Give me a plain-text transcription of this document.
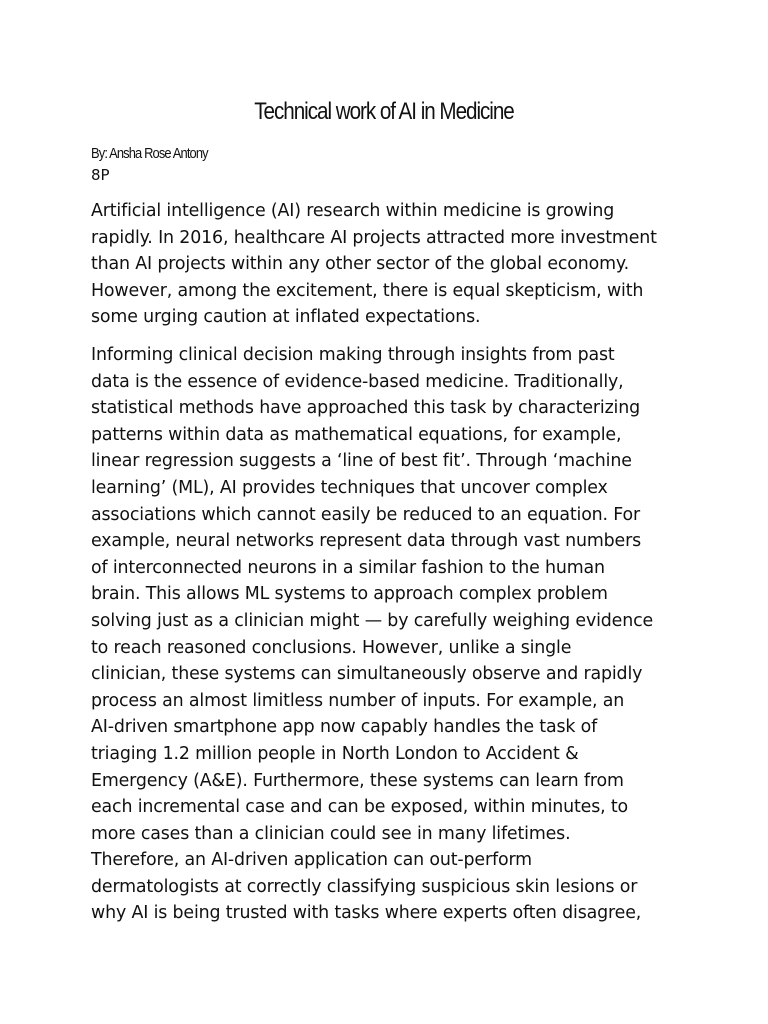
Technical work of AI in Medicine
By: Ansha Rose Antony
8P
Artificial intelligence (AI) research within medicine is growing
rapidly. In 2016, healthcare AI projects attracted more investment
than AI projects within any other sector of the global economy.
However, among the excitement, there is equal skepticism, with
some urging caution at inflated expectations.
Informing clinical decision making through insights from past
data is the essence of evidence-based medicine. Traditionally,
statistical methods have approached this task by characterizing
patterns within data as mathematical equations, for example,
linear regression suggests a ‘line of best fit’. Through ‘machine
learning’ (ML), AI provides techniques that uncover complex
associations which cannot easily be reduced to an equation. For
example, neural networks represent data through vast numbers
of interconnected neurons in a similar fashion to the human
brain. This allows ML systems to approach complex problem
solving just as a clinician might — by carefully weighing evidence
to reach reasoned conclusions. However, unlike a single
clinician, these systems can simultaneously observe and rapidly
process an almost limitless number of inputs. For example, an
AI-driven smartphone app now capably handles the task of
triaging 1.2 million people in North London to Accident &
Emergency (A&E). Furthermore, these systems can learn from
each incremental case and can be exposed, within minutes, to
more cases than a clinician could see in many lifetimes.
Therefore, an AI-driven application can out-perform
dermatologists at correctly classifying suspicious skin lesions or
why AI is being trusted with tasks where experts often disagree,
